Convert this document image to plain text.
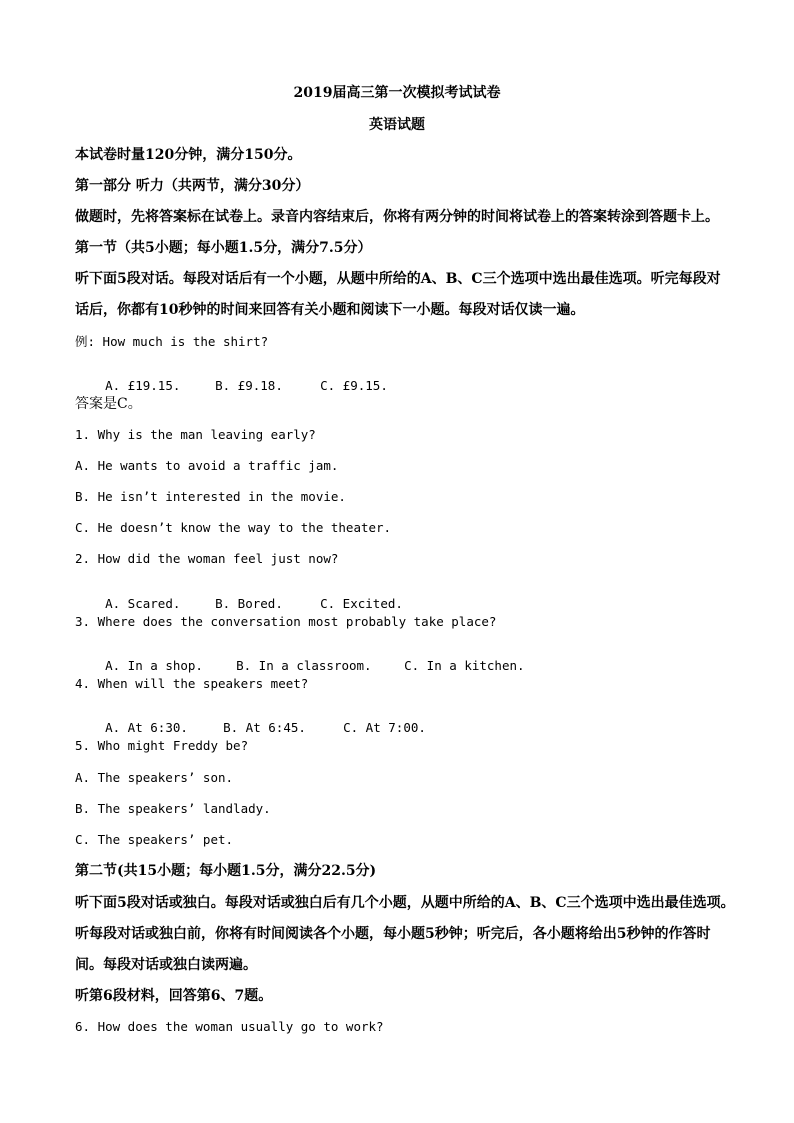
2019届高三第一次模拟考试试卷
英语试题
本试卷时量120分钟，满分150分。
第一部分 听力（共两节，满分30分）
做题时，先将答案标在试卷上。录音内容结束后，你将有两分钟的时间将试卷上的答案转涂到答题卡上。
第一节（共5小题；每小题1.5分，满分7.5分）
听下面5段对话。每段对话后有一个小题，从题中所给的A、B、C三个选项中选出最佳选项。听完每段对
话后，你都有10秒钟的时间来回答有关小题和阅读下一小题。每段对话仅读一遍。
例: How much is the shirt?

A. £19.15.	B. £9.18.	C. £9.15.

答案是C。
1. Why is the man leaving early?
A. He wants to avoid a traffic jam.
B. He isn’t interested in the movie.
C. He doesn’t know the way to the theater.
2. How did the woman feel just now?

A. Scared.	B. Bored.	C. Excited.

3. Where does the conversation most probably take place?

A. In a shop.	B. In a classroom.	C. In a kitchen.

4. When will the speakers meet?

A. At 6:30.	B. At 6:45.	C. At 7:00.

5. Who might Freddy be?
A. The speakers’ son.
B. The speakers’ landlady.
C. The speakers’ pet.
第二节(共15小题；每小题1.5分，满分22.5分)
听下面5段对话或独白。每段对话或独白后有几个小题，从题中所给的A、B、C三个选项中选出最佳选项。
听每段对话或独白前，你将有时间阅读各个小题，每小题5秒钟；听完后，各小题将给出5秒钟的作答时
间。每段对话或独白读两遍。
听第6段材料，回答第6、7题。
6. How does the woman usually go to work?
